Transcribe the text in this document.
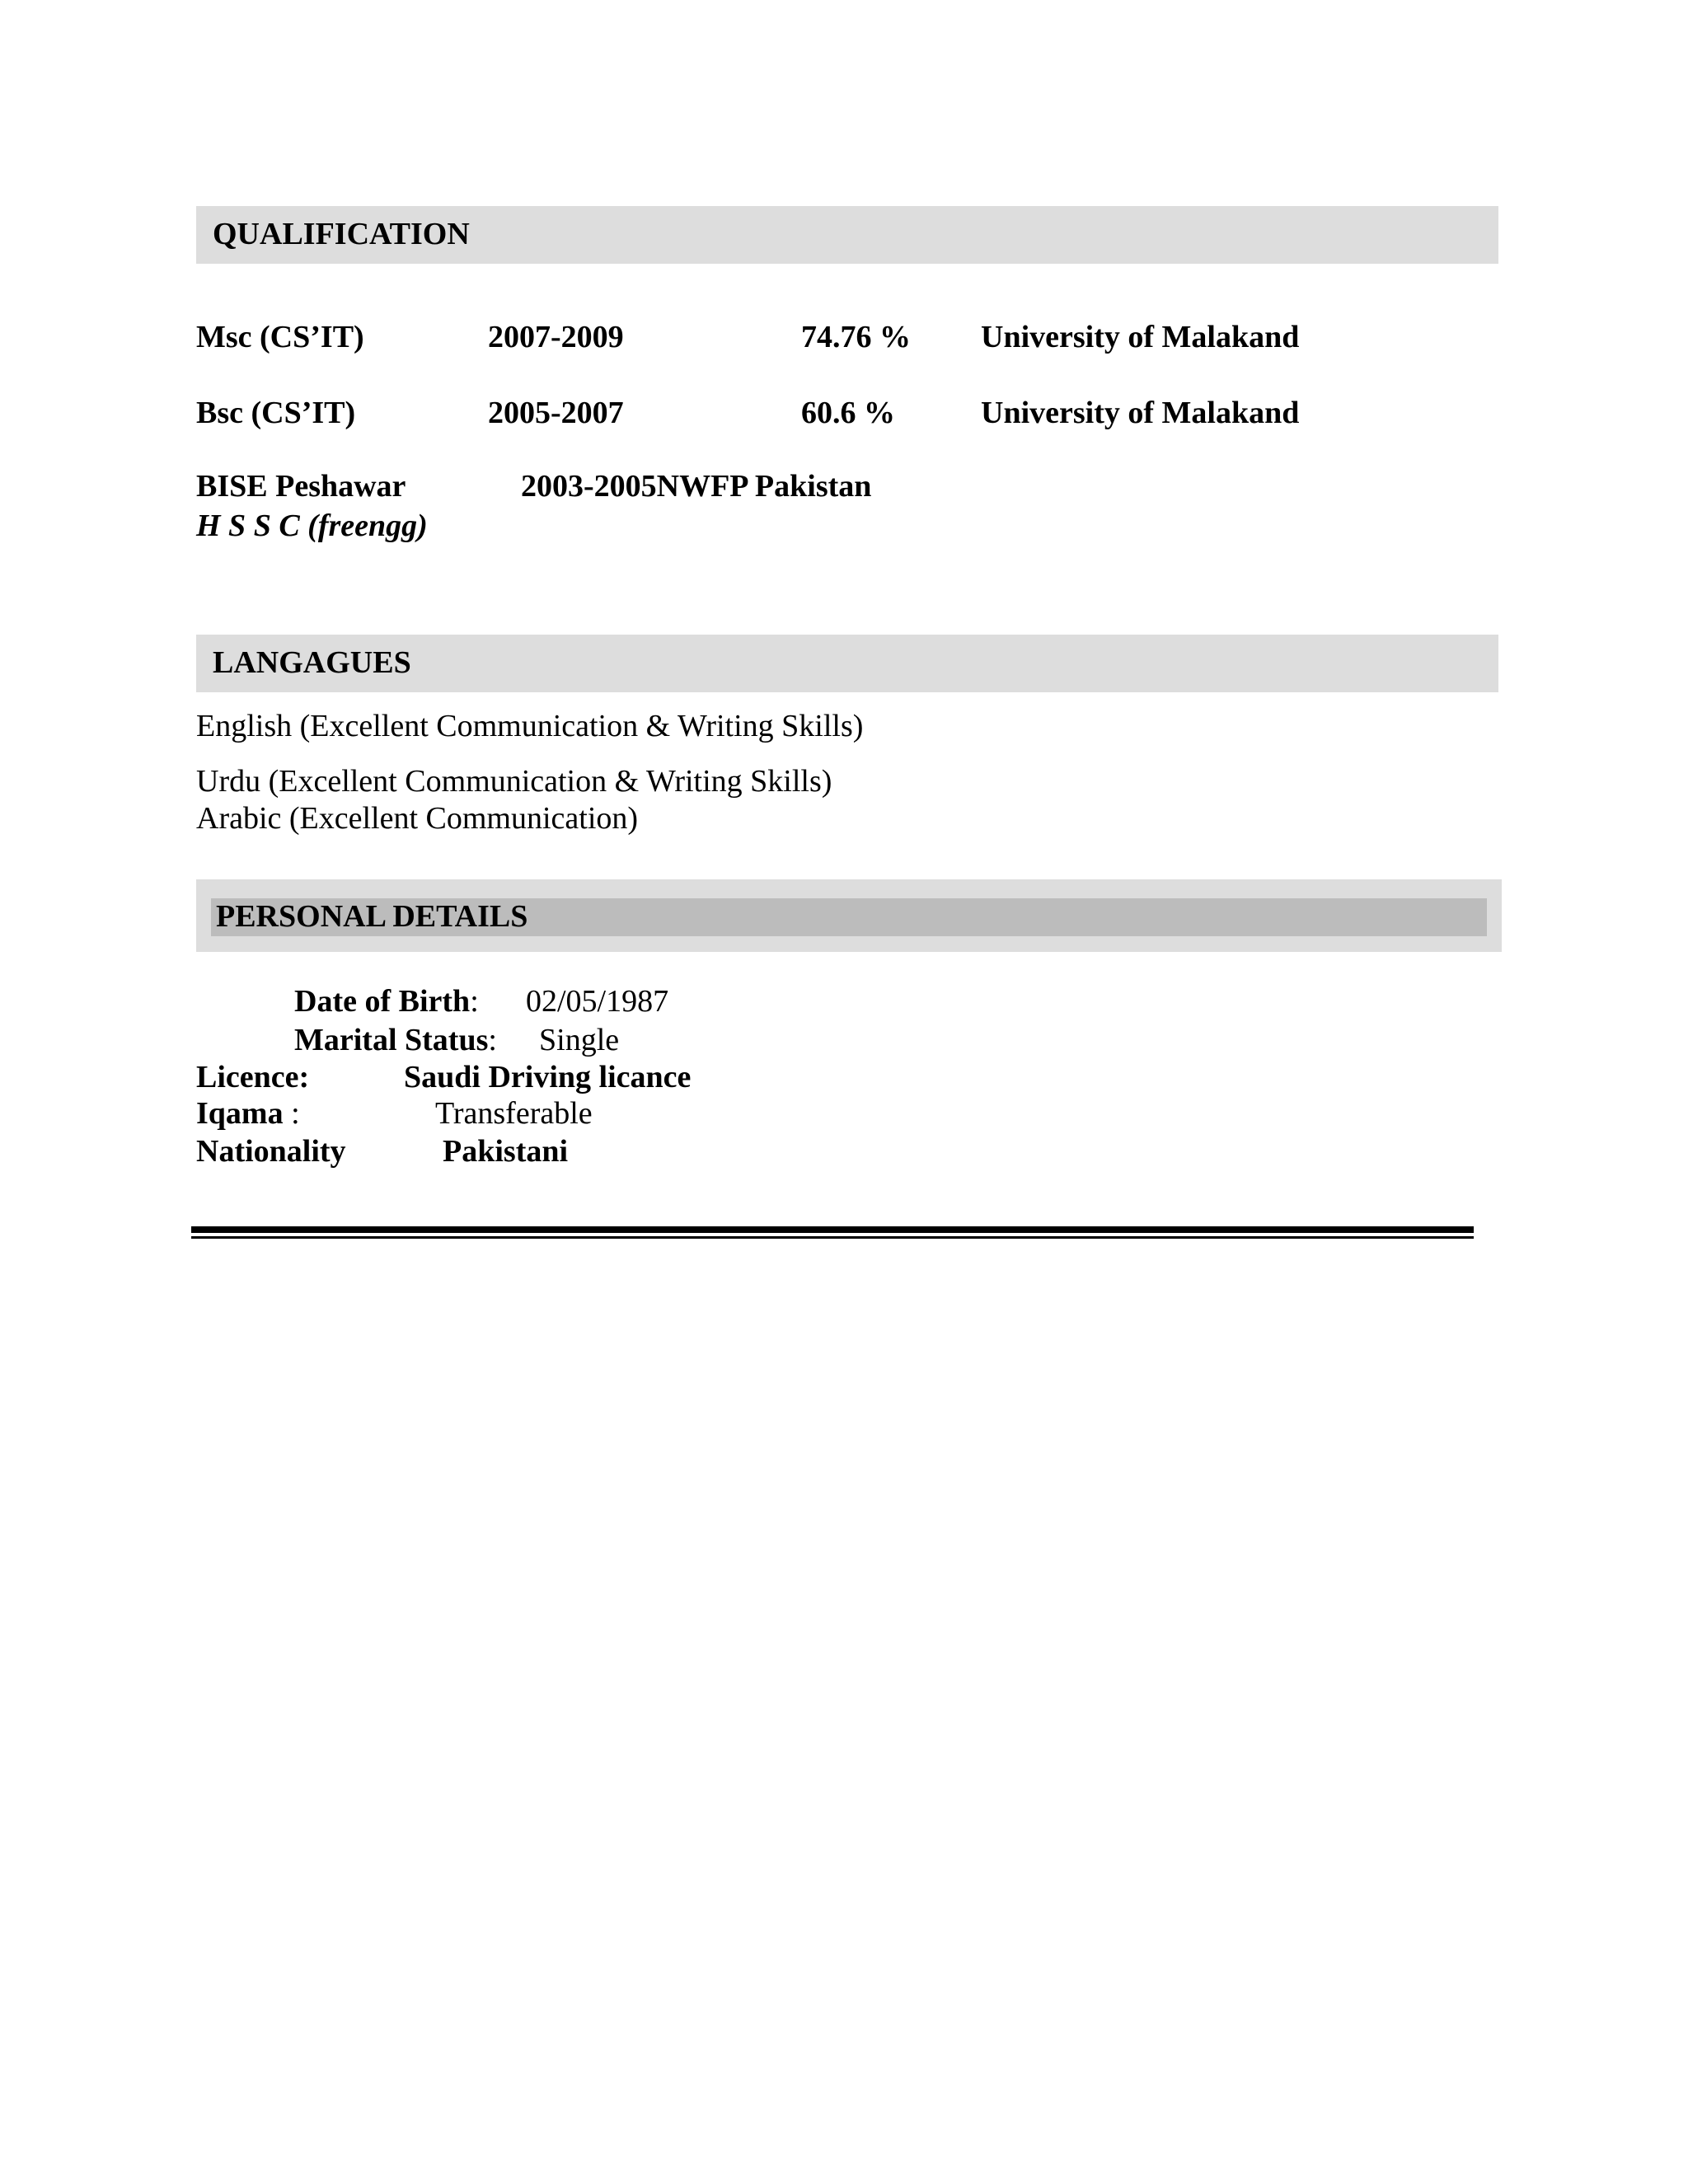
QUALIFICATION
Msc (CS’IT)	2007-2009	74.76 % University of Malakand
Bsc (CS’IT)	2005-2007	60.6 %	University of Malakand
BISE Peshawar	2003-2005NWFP Pakistan
H S S C (freengg)
LANGAGUES
English (Excellent Communication & Writing Skills)
Urdu (Excellent Communication & Writing Skills)
Arabic (Excellent Communication)
PERSONAL DETAILS
Date of Birth: 02/05/1987
Marital Status: Single
Licence:	Saudi Driving licance
Iqama :	Transferable
Nationality	Pakistani
